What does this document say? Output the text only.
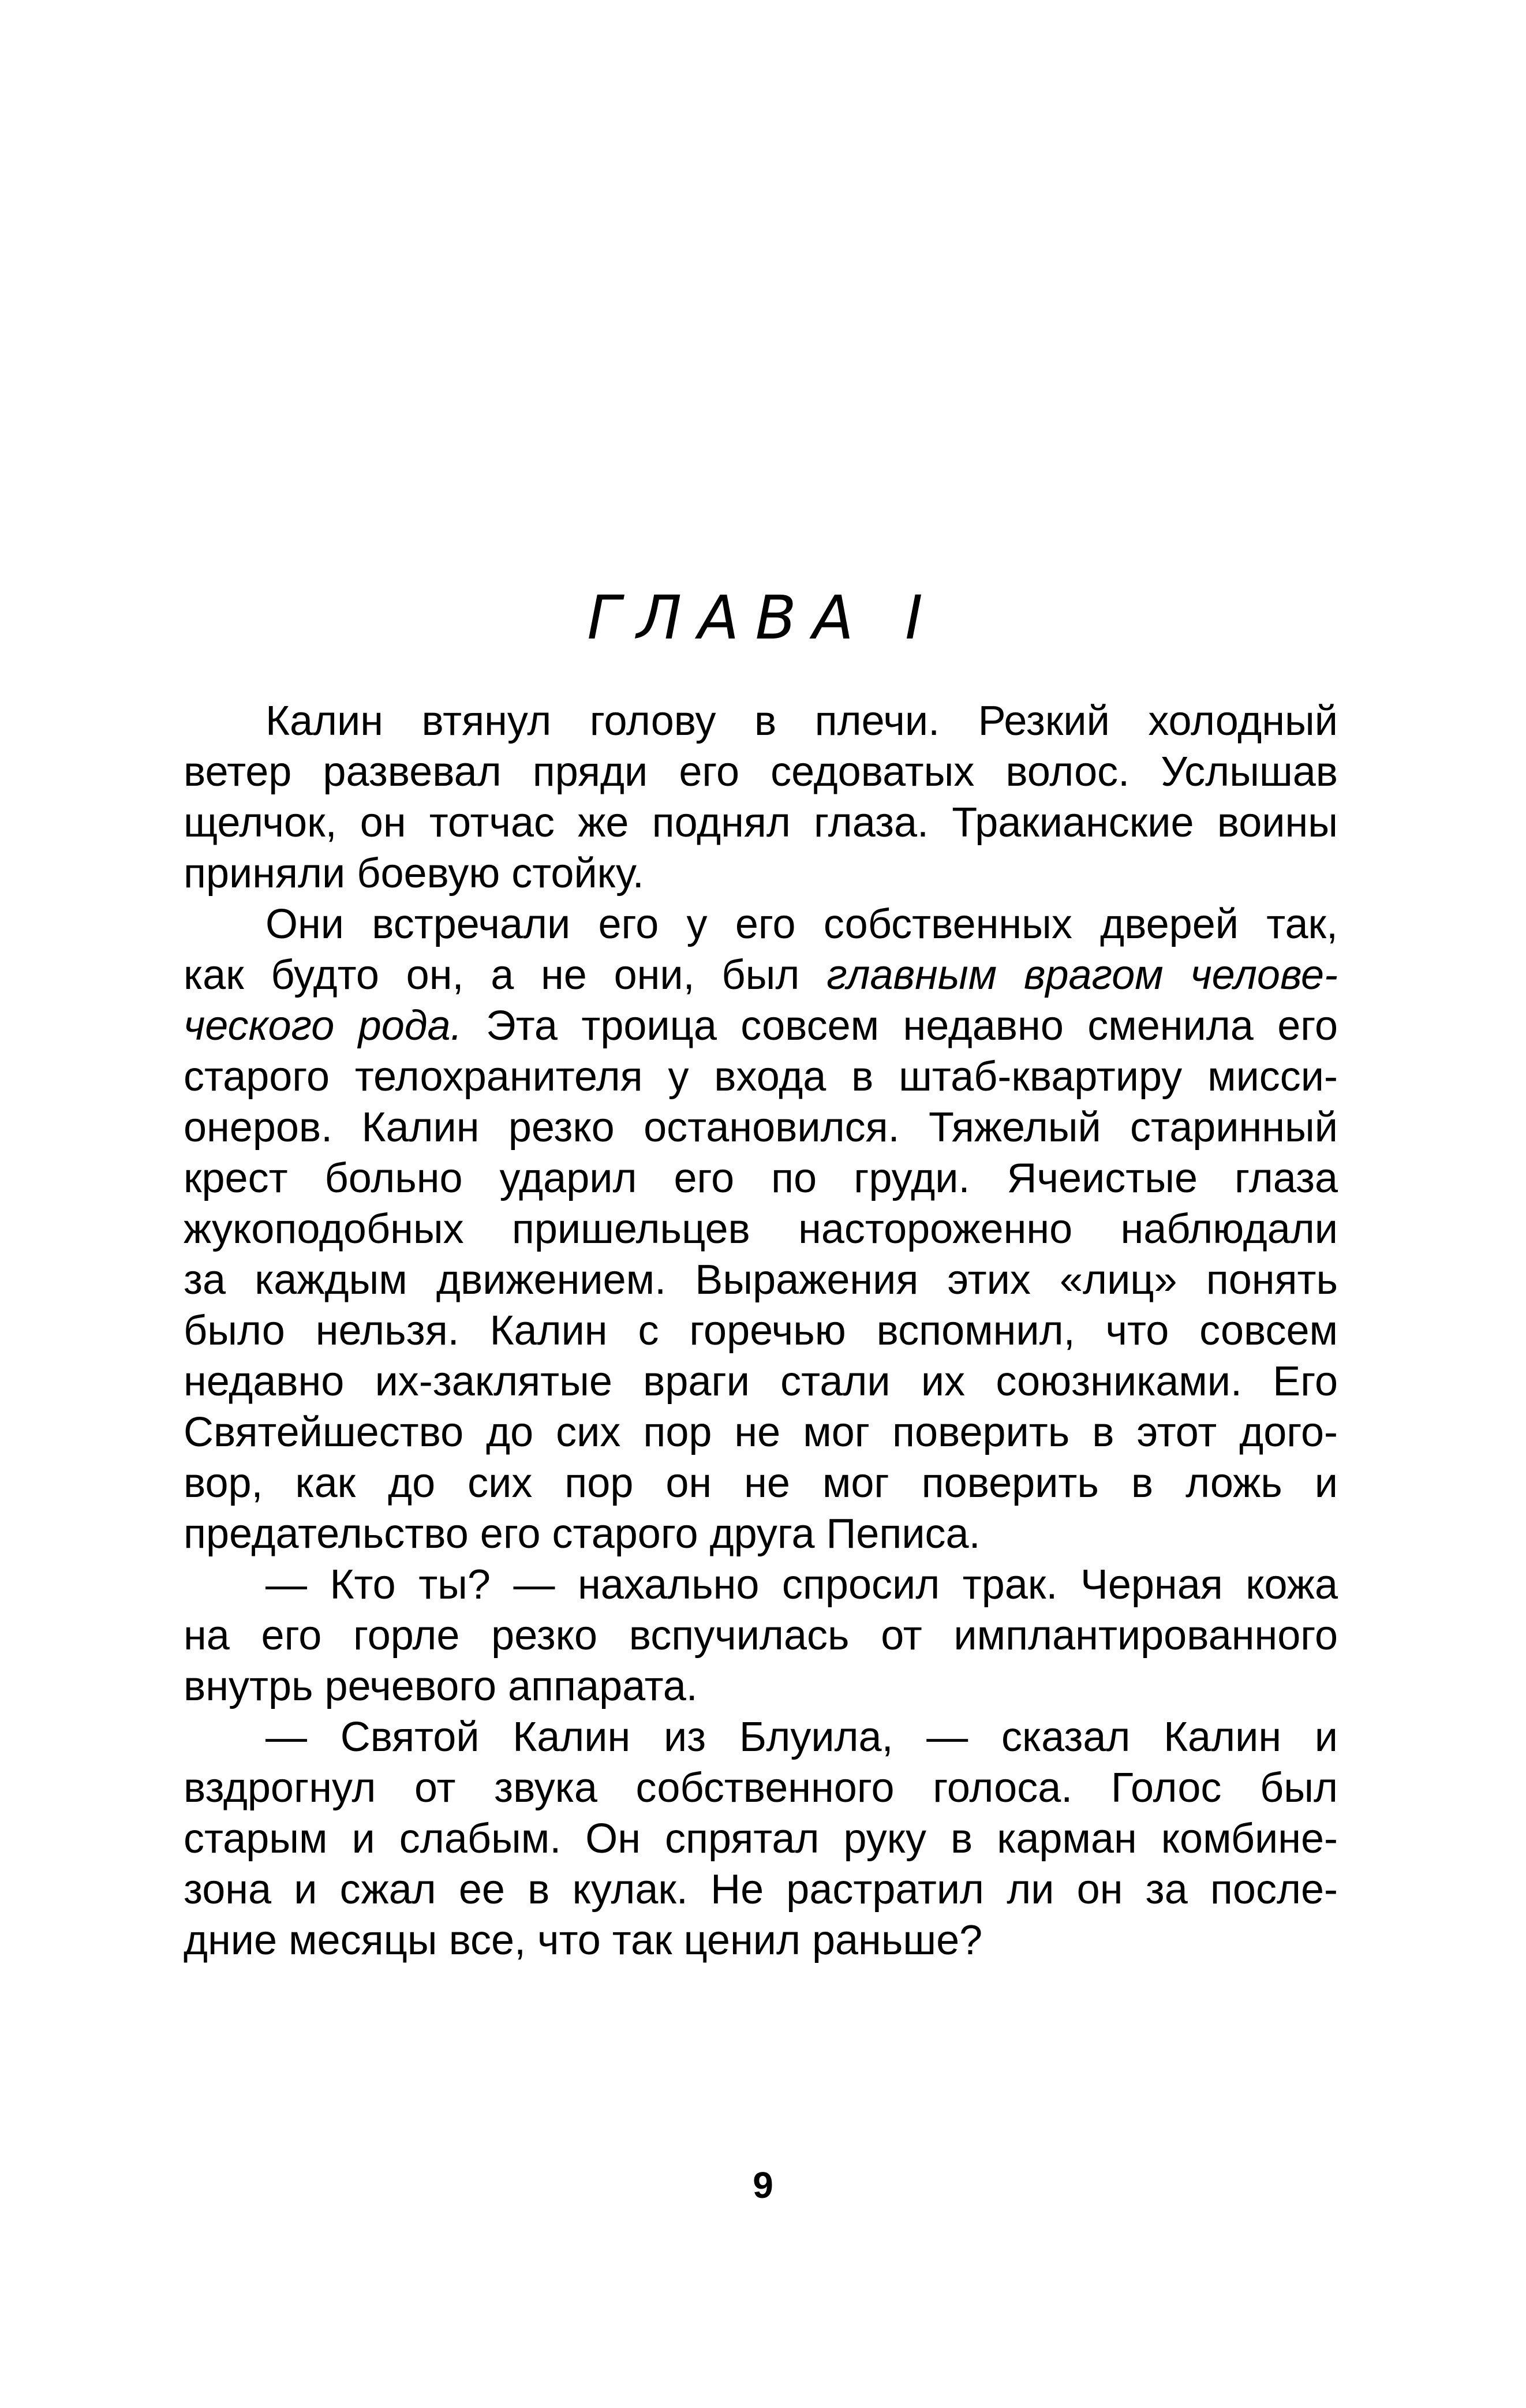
ГЛАВА I
Калин втянул голову в плечи. Резкий холодный
ветер развевал пряди его седоватых волос. Услышав
щелчок, он тотчас же поднял глаза. Тракианские воины
приняли боевую стойку.
Они встречали его у его собственных дверей так,
как будто он, а не они, был главным врагом челове-
ческого рода. Эта троица совсем недавно сменила его
старого телохранителя у входа в штаб-квартиру мисси-
онеров. Калин резко остановился. Тяжелый старинный
крест больно ударил его по груди. Ячеистые глаза
жукоподобных пришельцев настороженно наблюдали
за каждым движением. Выражения этих «лиц» понять
было нельзя. Калин с горечью вспомнил, что совсем
недавно их-заклятые враги стали их союзниками. Его
Святейшество до сих пор не мог поверить в этот дого-
вор, как до сих пор он не мог поверить в ложь и
предательство его старого друга Пеписа.
— Кто ты? — нахально спросил трак. Черная кожа
на его горле резко вспучилась от имплантированного
внутрь речевого аппарата.
— Святой Калин из Блуила, — сказал Калин и
вздрогнул от звука собственного голоса. Голос был
старым и слабым. Он спрятал руку в карман комбине-
зона и сжал ее в кулак. Не растратил ли он за после-
дние месяцы все, что так ценил раньше?
9
